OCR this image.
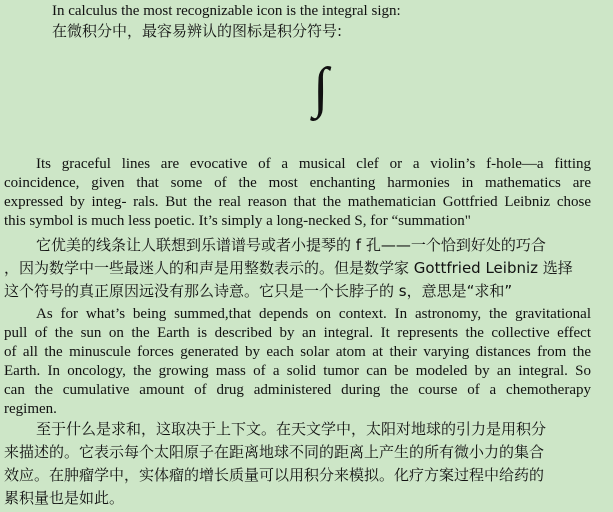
In calculus the most recognizable icon is the integral sign:
在微积分中，最容易辨认的图标是积分符号:
∫
Its graceful lines are evocative of a musical clef or a violin’s f-hole—a fitting
coincidence, given that some of the most enchanting harmonies in mathematics are
expressed by integ- rals. But the real reason that the mathematician Gottfried Leibniz chose
this symbol is much less poetic. It’s simply a long-necked S, for “summation"
它优美的线条让人联想到乐谱谱号或者小提琴的 f 孔——一个恰到好处的巧合
，因为数学中一些最迷人的和声是用整数表示的。但是数学家 Gottfried Leibniz 选择
这个符号的真正原因远没有那么诗意。它只是一个长脖子的 s，意思是“求和”
As for what’s being summed,that depends on context. In astronomy, the gravitational
pull of the sun on the Earth is described by an integral. It represents the collective effect
of all the minuscule forces generated by each solar atom at their varying distances from the
Earth. In oncology, the growing mass of a solid tumor can be modeled by an integral. So
can the cumulative amount of drug administered during the course of a chemotherapy
regimen.
至于什么是求和，这取决于上下文。在天文学中，太阳对地球的引力是用积分
来描述的。它表示每个太阳原子在距离地球不同的距离上产生的所有微小力的集合
效应。在肿瘤学中，实体瘤的增长质量可以用积分来模拟。化疗方案过程中给药的
累积量也是如此。
